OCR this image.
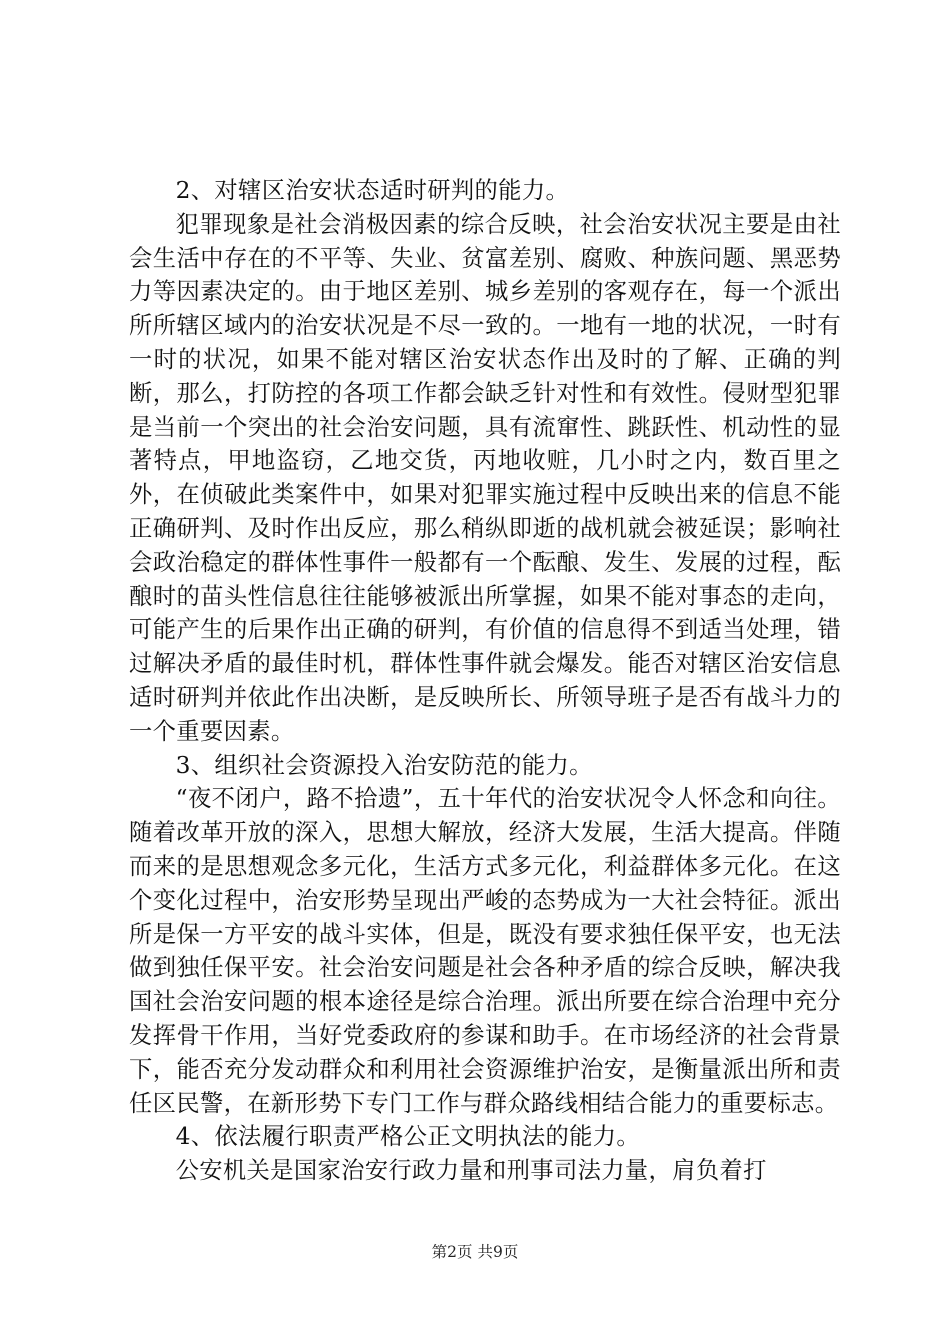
2、对辖区治安状态适时研判的能力。

犯罪现象是社会消极因素的综合反映，社会治安状况主要是由社会生活中存在的不平等、失业、贫富差别、腐败、种族问题、黑恶势力等因素决定的。由于地区差别、城乡差别的客观存在，每一个派出所所辖区域内的治安状况是不尽一致的。一地有一地的状况，一时有一时的状况，如果不能对辖区治安状态作出及时的了解、正确的判断，那么，打防控的各项工作都会缺乏针对性和有效性。侵财型犯罪是当前一个突出的社会治安问题，具有流窜性、跳跃性、机动性的显著特点，甲地盗窃，乙地交货，丙地收赃，几小时之内，数百里之外，在侦破此类案件中，如果对犯罪实施过程中反映出来的信息不能正确研判、及时作出反应，那么稍纵即逝的战机就会被延误；影响社会政治稳定的群体性事件一般都有一个酝酿、发生、发展的过程，酝酿时的苗头性信息往往能够被派出所掌握，如果不能对事态的走向，可能产生的后果作出正确的研判，有价值的信息得不到适当处理，错过解决矛盾的最佳时机，群体性事件就会爆发。能否对辖区治安信息适时研判并依此作出决断，是反映所长、所领导班子是否有战斗力的一个重要因素。

3、组织社会资源投入治安防范的能力。

“夜不闭户，路不拾遗”，五十年代的治安状况令人怀念和向往。随着改革开放的深入，思想大解放，经济大发展，生活大提高。伴随而来的是思想观念多元化，生活方式多元化，利益群体多元化。在这个变化过程中，治安形势呈现出严峻的态势成为一大社会特征。派出所是保一方平安的战斗实体，但是，既没有要求独任保平安，也无法做到独任保平安。社会治安问题是社会各种矛盾的综合反映，解决我国社会治安问题的根本途径是综合治理。派出所要在综合治理中充分发挥骨干作用，当好党委政府的参谋和助手。在市场经济的社会背景下，能否充分发动群众和利用社会资源维护治安，是衡量派出所和责任区民警，在新形势下专门工作与群众路线相结合能力的重要标志。

4、依法履行职责严格公正文明执法的能力。

公安机关是国家治安行政力量和刑事司法力量，肩负着打

第2页 共9页
